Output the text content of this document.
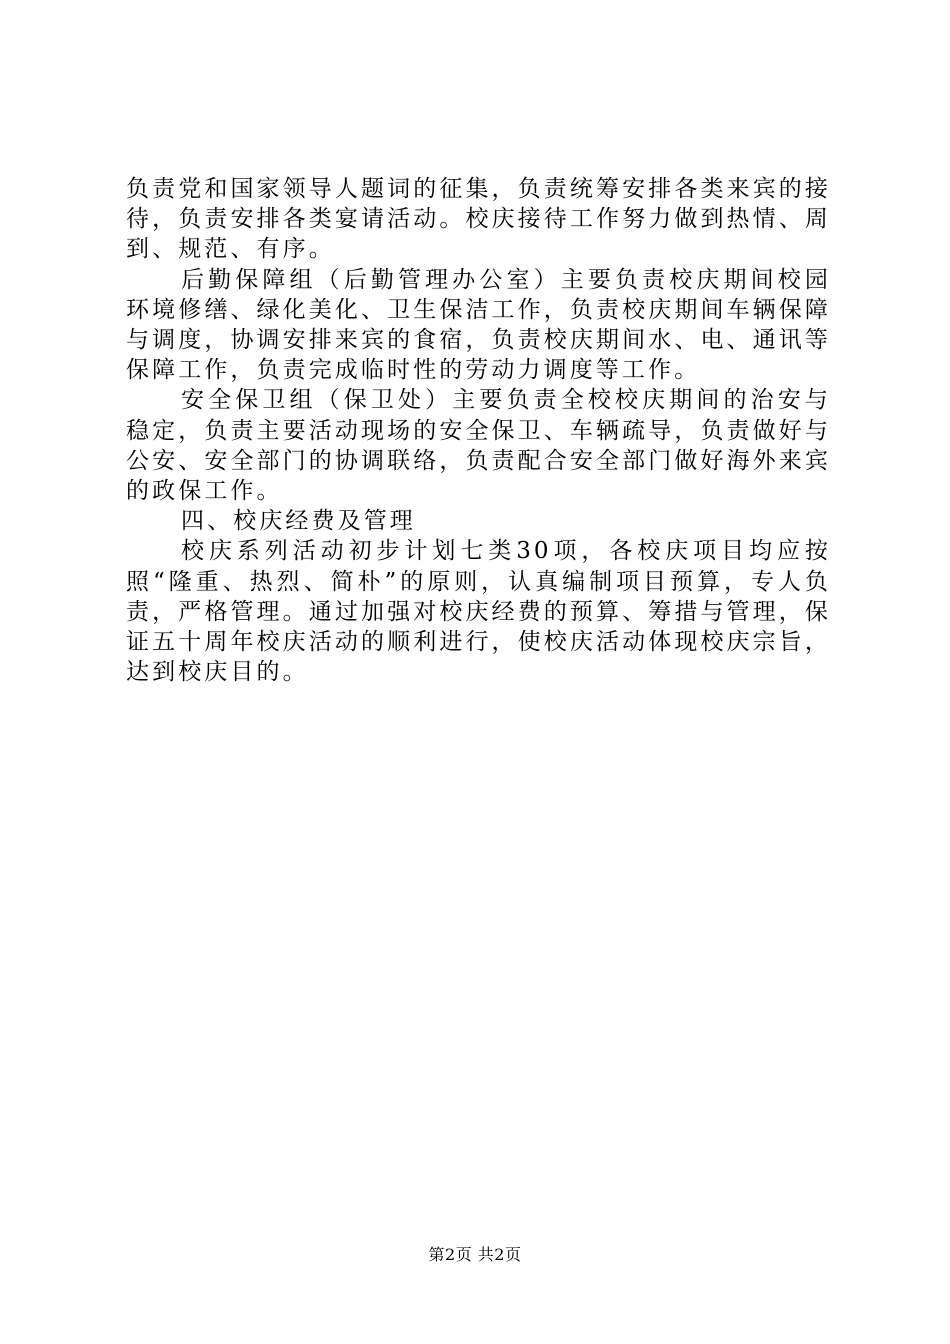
负责党和国家领导人题词的征集，负责统筹安排各类来宾的接待，负责安排各类宴请活动。校庆接待工作努力做到热情、周到、规范、有序。

后勤保障组（后勤管理办公室）主要负责校庆期间校园环境修缮、绿化美化、卫生保洁工作，负责校庆期间车辆保障与调度，协调安排来宾的食宿，负责校庆期间水、电、通讯等保障工作，负责完成临时性的劳动力调度等工作。

安全保卫组（保卫处）主要负责全校校庆期间的治安与稳定，负责主要活动现场的安全保卫、车辆疏导，负责做好与公安、安全部门的协调联络，负责配合安全部门做好海外来宾的政保工作。

四、校庆经费及管理

校庆系列活动初步计划七类30项，各校庆项目均应按照“隆重、热烈、简朴”的原则，认真编制项目预算，专人负责，严格管理。通过加强对校庆经费的预算、筹措与管理，保证五十周年校庆活动的顺利进行，使校庆活动体现校庆宗旨，达到校庆目的。

第2页 共2页
